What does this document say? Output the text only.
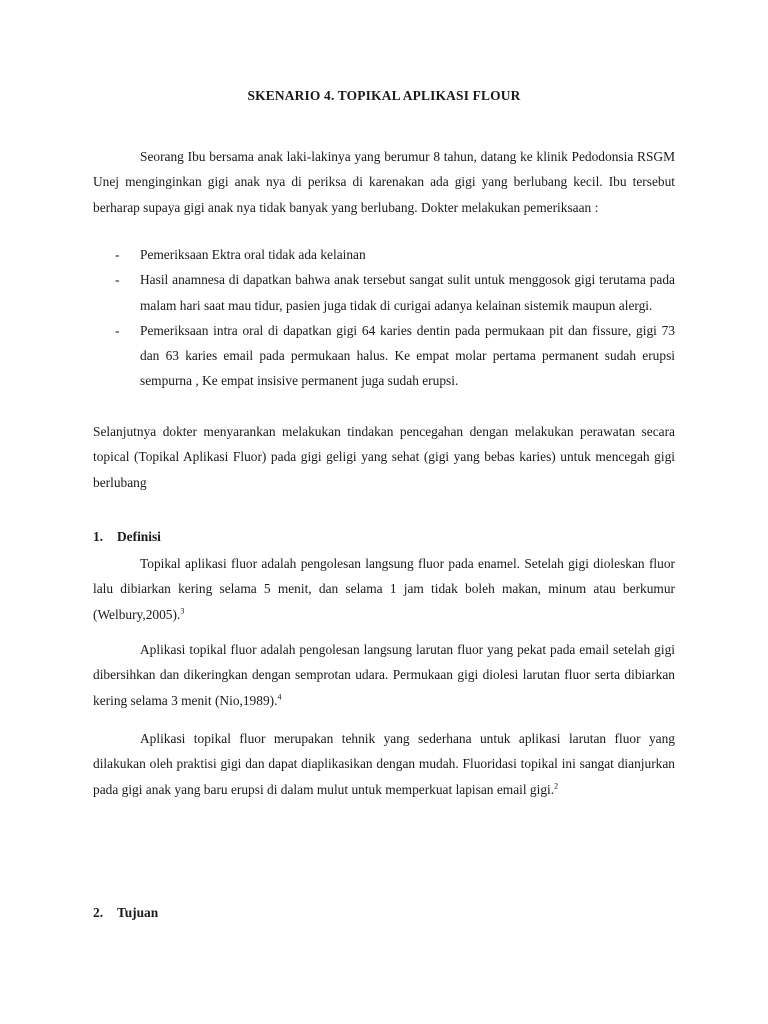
SKENARIO 4. TOPIKAL APLIKASI FLOUR
Seorang Ibu bersama anak laki-lakinya yang berumur 8 tahun, datang ke klinik Pedodonsia RSGM Unej menginginkan gigi anak nya di periksa di karenakan ada gigi yang berlubang kecil. Ibu tersebut berharap supaya gigi anak nya tidak banyak yang berlubang. Dokter melakukan pemeriksaan :
- Pemeriksaan Ektra oral tidak ada kelainan
- Hasil anamnesa di dapatkan bahwa anak tersebut sangat sulit untuk menggosok gigi terutama pada malam hari saat mau tidur, pasien juga tidak di curigai adanya kelainan sistemik maupun alergi.
- Pemeriksaan intra oral di dapatkan gigi 64 karies dentin pada permukaan pit dan fissure, gigi 73 dan 63 karies email pada permukaan halus. Ke empat molar pertama permanent sudah erupsi sempurna , Ke empat insisive permanent juga sudah erupsi.
Selanjutnya dokter menyarankan melakukan tindakan pencegahan dengan melakukan perawatan secara topical (Topikal Aplikasi Fluor) pada gigi geligi yang sehat (gigi yang bebas karies) untuk mencegah gigi berlubang
1. Definisi
Topikal aplikasi fluor adalah pengolesan langsung fluor pada enamel. Setelah gigi dioleskan fluor lalu dibiarkan kering selama 5 menit, dan selama 1 jam tidak boleh makan, minum atau berkumur (Welbury,2005).$^3$
Aplikasi topikal fluor adalah pengolesan langsung larutan fluor yang pekat pada email setelah gigi dibersihkan dan dikeringkan dengan semprotan udara. Permukaan gigi diolesi larutan fluor serta dibiarkan kering selama 3 menit (Nio,1989).$^4$
Aplikasi topikal fluor merupakan tehnik yang sederhana untuk aplikasi larutan fluor yang dilakukan oleh praktisi gigi dan dapat diaplikasikan dengan mudah. Fluoridasi topikal ini sangat dianjurkan pada gigi anak yang baru erupsi di dalam mulut untuk memperkuat lapisan email gigi.$^2$
2. Tujuan
